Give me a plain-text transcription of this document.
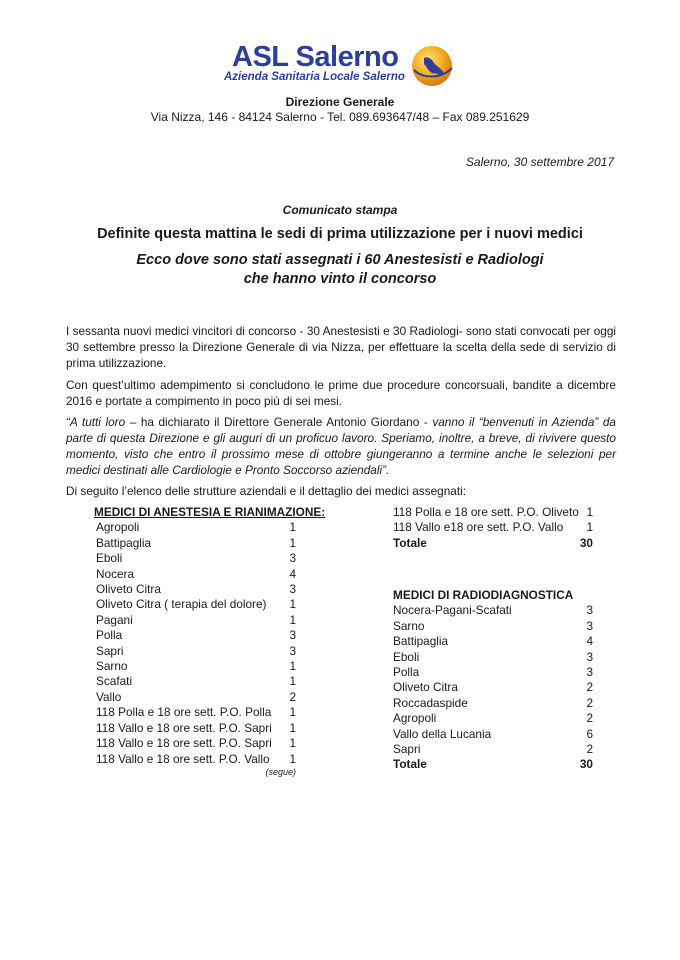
ASL Salerno
Azienda Sanitaria Locale Salerno
Direzione Generale
Via Nizza, 146 - 84124 Salerno - Tel. 089.693647/48 – Fax 089.251629
Salerno, 30 settembre 2017
Comunicato stampa
Definite questa mattina le sedi di prima utilizzazione per i nuovi medici
Ecco dove sono stati assegnati i 60 Anestesisti e Radiologi
che hanno vinto il concorso
I sessanta nuovi medici vincitori di concorso - 30 Anestesisti e 30 Radiologi- sono stati convocati per oggi 30 settembre presso la Direzione Generale di via Nizza, per effettuare la scelta della sede di servizio di prima utilizzazione.
Con quest’ultimo adempimento si concludono le prime due procedure concorsuali, bandite a dicembre 2016 e portate a compimento in poco più di sei mesi.
“A tutti loro – ha dichiarato il Direttore Generale Antonio Giordano - vanno il “benvenuti in Azienda” da parte di questa Direzione e gli auguri di un proficuo lavoro. Speriamo, inoltre, a breve, di rivivere questo momento, visto che entro il prossimo mese di ottobre giungeranno a termine anche le selezioni per medici destinati alle Cardiologie e Pronto Soccorso aziendali”.
Di seguito l’elenco delle strutture aziendali e il dettaglio dei medici assegnati:
MEDICI DI ANESTESIA E RIANIMAZIONE:
Agropoli	1
Battipaglia	1
Eboli	3
Nocera	4
Oliveto Citra	3
Oliveto Citra ( terapia del dolore) 1
Pagani	1
Polla	3
Sapri	3
Sarno	1
Scafati	1
Vallo	2
118 Polla e 18 ore sett. P.O. Polla 1
118 Vallo e 18 ore sett. P.O. Sapri 1
118 Vallo e 18 ore sett. P.O. Sapri 1
118 Vallo e 18 ore sett. P.O. Vallo 1
(segue)
118 Polla e 18 ore sett. P.O. Oliveto 1
118 Vallo e18 ore sett. P.O. Vallo 1
Totale	30
MEDICI DI RADIODIAGNOSTICA
Nocera-Pagani-Scafati	3
Sarno	3
Battipaglia	4
Eboli	3
Polla	3
Oliveto Citra	2
Roccadaspide	2
Agropoli	2
Vallo della Lucania	6
Sapri	2
Totale	30
